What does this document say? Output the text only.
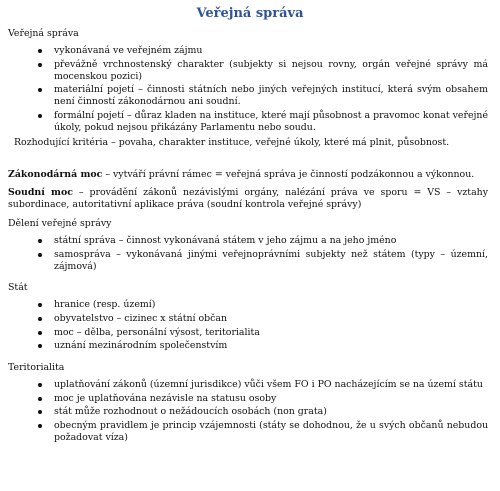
Veřejná správa
Veřejná správa
vykonávaná ve veřejném zájmu
převážně vrchnostenský charakter (subjekty si nejsou rovny, orgán veřejné správy má mocenskou pozici)
materiální pojetí – činnosti státních nebo jiných veřejných institucí, která svým obsahem není činností zákonodárnou ani soudní.
formální pojetí – důraz kladen na instituce, které mají působnost a pravomoc konat veřejné úkoly, pokud nejsou přikázány Parlamentu nebo soudu.
Rozhodující kritéria – povaha, charakter instituce, veřejné úkoly, které má plnit, působnost.
Zákonodárná moc – vytváří právní rámec = veřejná správa je činností podzákonnou a výkonnou.
Soudní moc – provádění zákonů nezávislými orgány, nalézání práva ve sporu = VS – vztahy subordinace, autoritativní aplikace práva (soudní kontrola veřejné správy)
Dělení veřejné správy
státní správa – činnost vykonávaná státem v jeho zájmu a na jeho jméno
samospráva – vykonávaná jinými veřejnoprávními subjekty než státem (typy – územní, zájmová)
Stát
hranice (resp. území)
obyvatelstvo – cizinec x státní občan
moc – dělba, personální výsost, teritorialita
uznání mezinárodním společenstvím
Teritorialita
uplatňování zákonů (územní jurisdikce) vůči všem FO i PO nacházejícím se na území státu
moc je uplatňována nezávisle na statusu osoby
stát může rozhodnout o nežádoucích osobách (non grata)
obecným pravidlem je princip vzájemnosti (státy se dohodnou, že u svých občanů nebudou požadovat víza)
